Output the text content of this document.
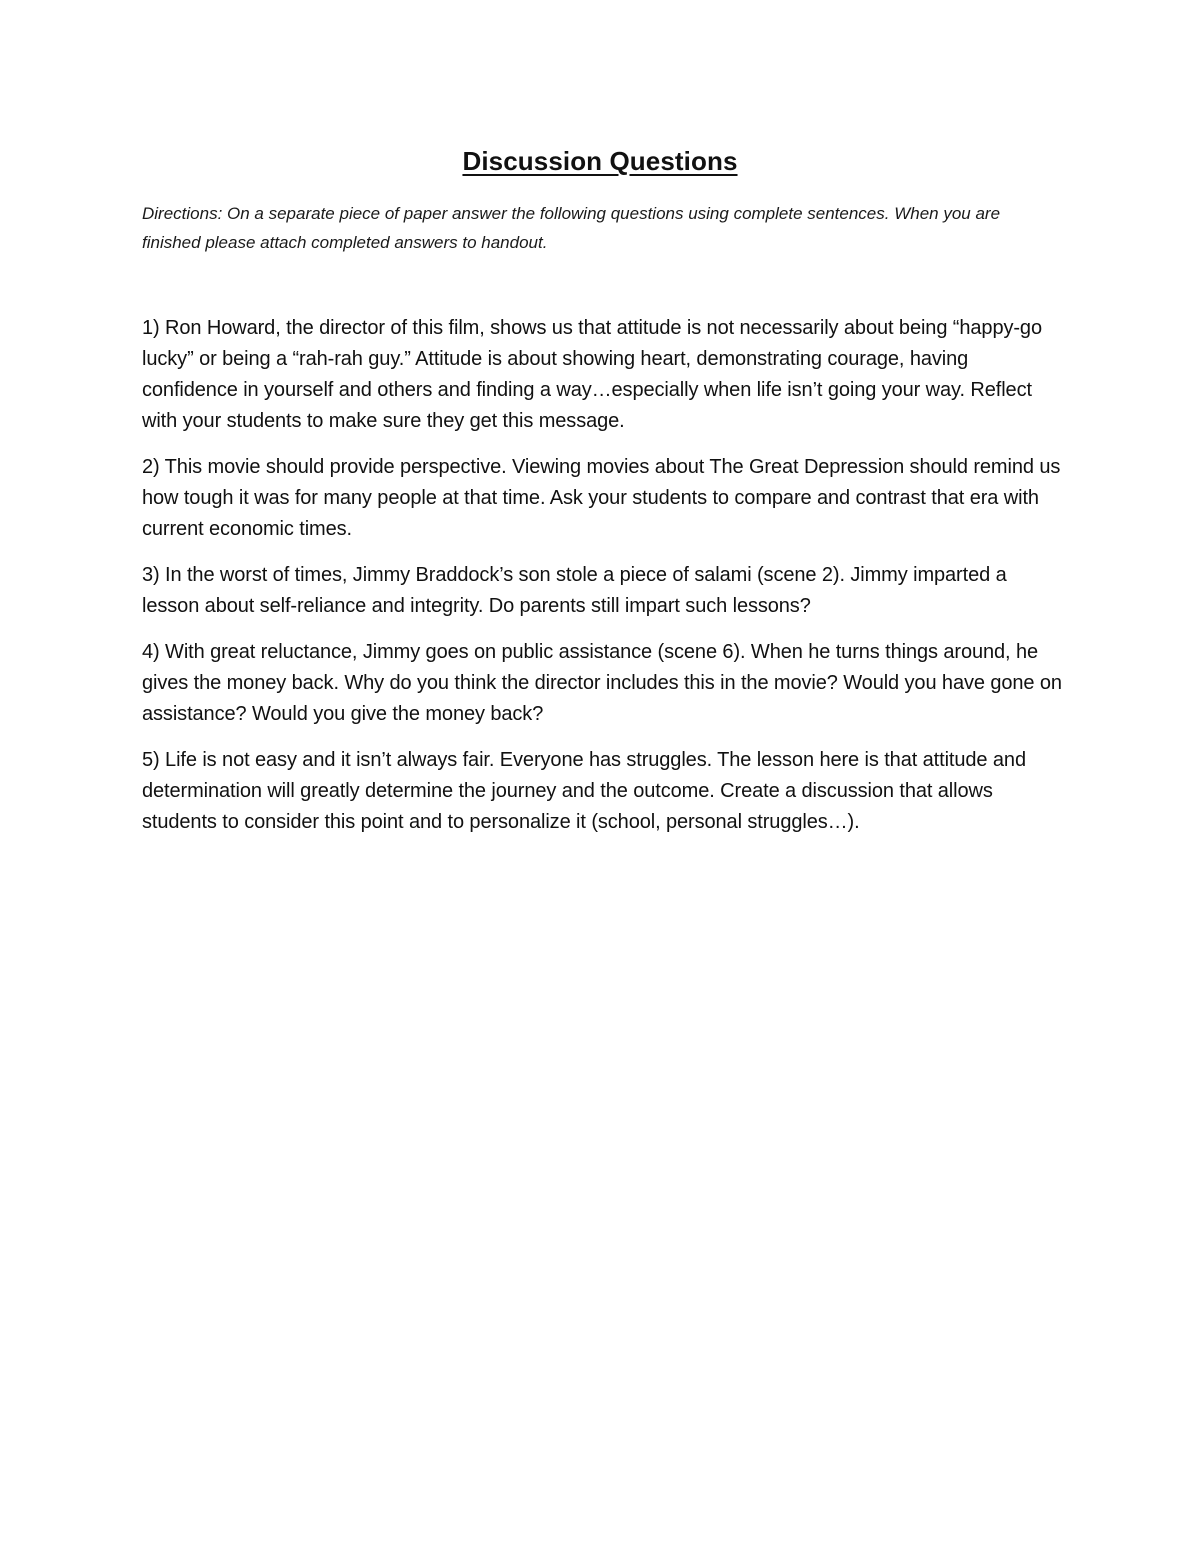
Discussion Questions

Directions: On a separate piece of paper answer the following questions using complete sentences. When you are finished please attach completed answers to handout.

1) Ron Howard, the director of this film, shows us that attitude is not necessarily about being “happy-go lucky” or being a “rah-rah guy.” Attitude is about showing heart, demonstrating courage, having confidence in yourself and others and finding a way…especially when life isn’t going your way. Reflect with your students to make sure they get this message.
2) This movie should provide perspective. Viewing movies about The Great Depression should remind us how tough it was for many people at that time. Ask your students to compare and contrast that era with current economic times.
3) In the worst of times, Jimmy Braddock’s son stole a piece of salami (scene 2). Jimmy imparted a lesson about self-reliance and integrity. Do parents still impart such lessons?
4) With great reluctance, Jimmy goes on public assistance (scene 6). When he turns things around, he gives the money back. Why do you think the director includes this in the movie? Would you have gone on assistance? Would you give the money back?
5) Life is not easy and it isn’t always fair. Everyone has struggles. The lesson here is that attitude and determination will greatly determine the journey and the outcome. Create a discussion that allows students to consider this point and to personalize it (school, personal struggles…).
